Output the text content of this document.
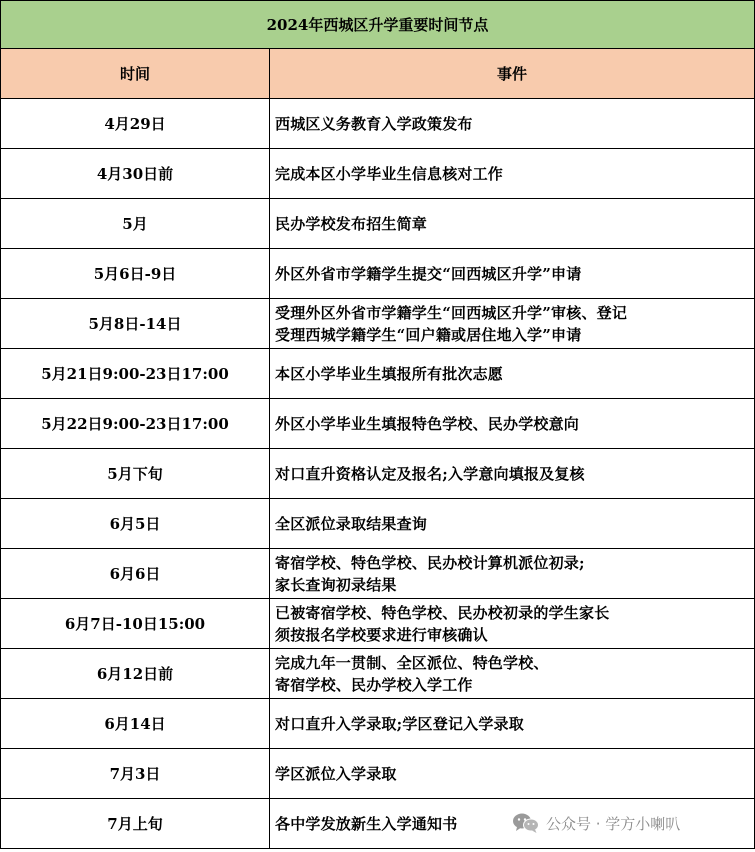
2024年西城区升学重要时间节点	
时间	事件
4月29日	西城区义务教育入学政策发布

4月30日前	完成本区小学毕业生信息核对工作

5月	民办学校发布招生简章

5月6日-9日	外区外省市学籍学生提交“回西城区升学”申请

5月8日-14日	受理外区外省市学籍学生“回西城区升学”审核、登记
受理西城学籍学生“回户籍或居住地入学”申请

5月21日9:00-23日17:00	本区小学毕业生填报所有批次志愿

5月22日9:00-23日17:00	外区小学毕业生填报特色学校、民办学校意向

5月下旬	对口直升资格认定及报名;入学意向填报及复核

6月5日	全区派位录取结果查询

6月6日	寄宿学校、特色学校、民办校计算机派位初录;
家长查询初录结果

6月7日-10日15:00	已被寄宿学校、特色学校、民办校初录的学生家长
须按报名学校要求进行审核确认

6月12日前	完成九年一贯制、全区派位、特色学校、
寄宿学校、民办学校入学工作

6月14日	对口直升入学录取;学区登记入学录取

7月3日	学区派位入学录取

7月上旬	各中学发放新生入学通知书	公众号 · 学方小喇叭
